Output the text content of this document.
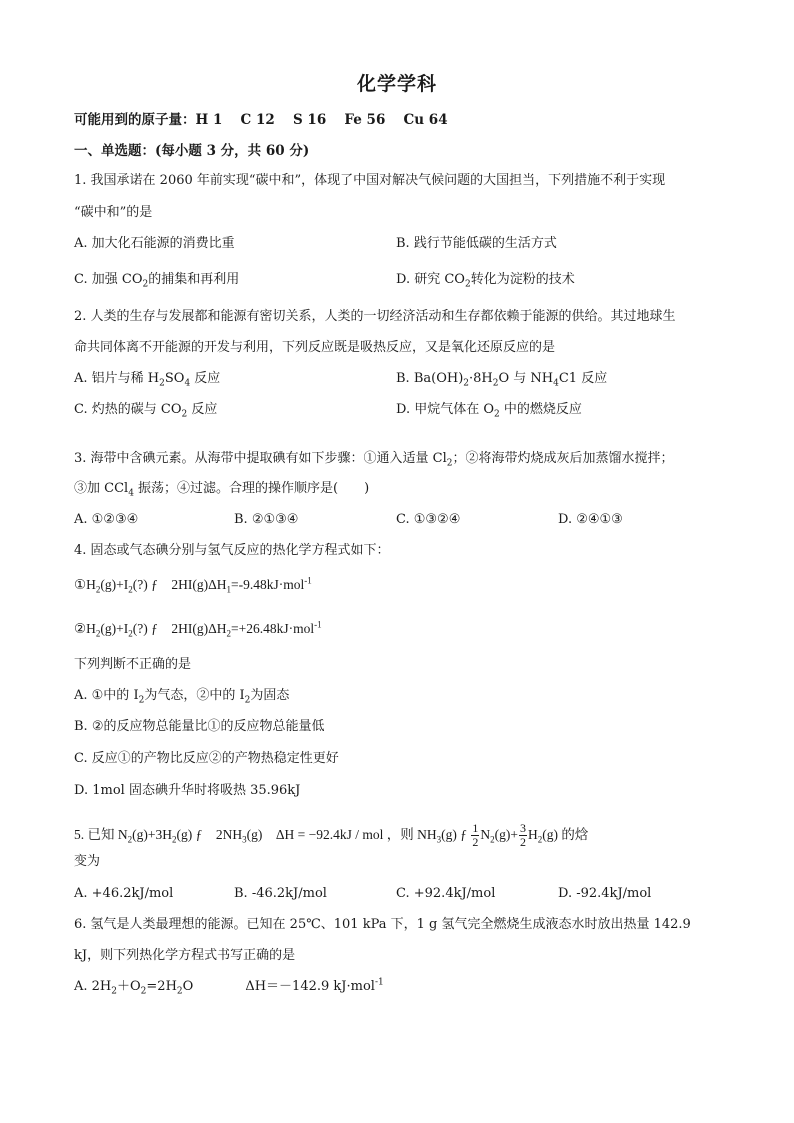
化学学科
可能用到的原子量：H 1　 C 12　 S 16　 Fe 56　 Cu 64
一、单选题：(每小题 3 分，共 60 分)
1. 我国承诺在 2060 年前实现“碳中和”，体现了中国对解决气候问题的大国担当，下列措施不利于实现
“碳中和”的是
A. 加大化石能源的消费比重	B. 践行节能低碳的生活方式
C. 加强 $CO_2$的捕集和再利用	D. 研究 $CO_2$转化为淀粉的技术
2. 人类的生存与发展都和能源有密切关系，人类的一切经济活动和生存都依赖于能源的供给。其过地球生
命共同体离不开能源的开发与利用，下列反应既是吸热反应，又是氧化还原反应的是
A. 铝片与稀 $H_2SO_4$ 反应	B. $Ba(OH)_2\cdot 8H_2O$ 与 $NH_4C1$ 反应
C. 灼热的碳与 $CO_2$ 反应	D. 甲烷气体在 $O_2$ 中的燃烧反应
3. 海带中含碘元素。从海带中提取碘有如下步骤：①通入适量 $Cl_2$；②将海带灼烧成灰后加蒸馏水搅拌；
③加 CCl$_4$ 振荡；④过滤。合理的操作顺序是(　　)
A. ①②③④	B. ②①③④	C. ①③②④	D. ②④①③
4. 固态或气态碘分别与氢气反应的热化学方程式如下：
$①H_2(g)+I_2(?)$ ƒ　$2HI(g)\Delta H_1=-9.48kJ\cdot mol^{-1}$
$②H_2(g)+I_2(?)$ ƒ　$2HI(g)\Delta H_2=+26.48kJ\cdot mol^{-1}$
下列判断不正确的是
A. ①中的 $I_2$为气态，②中的 $I_2$为固态
B. ②的反应物总能量比①的反应物总能量低
C. 反应①的产物比反应②的产物热稳定性更好
D. 1mol 固态碘升华时将吸热 35.96kJ
5. 已知 $N_2(g)+3H_2(g)$ ƒ　$2NH_3(g)$　ΔH = −92.4kJ / mol ，则 $NH_3(g)$ ƒ $\frac{1}{2} N_2(g)+ \frac{3}{2} H_2(g)$ 的焓
变为
A. +46.2kJ/mol	B. -46.2kJ/mol	C. +92.4kJ/mol	D. -92.4kJ/mol
6. 氢气是人类最理想的能源。已知在 25℃、101 kPa 下，1 g 氢气完全燃烧生成液态水时放出热量 142.9
kJ，则下列热化学方程式书写正确的是
A. $2H_2+O_2=2H_2O$	ΔH＝－142.9 kJ·mol$^{-1}$
